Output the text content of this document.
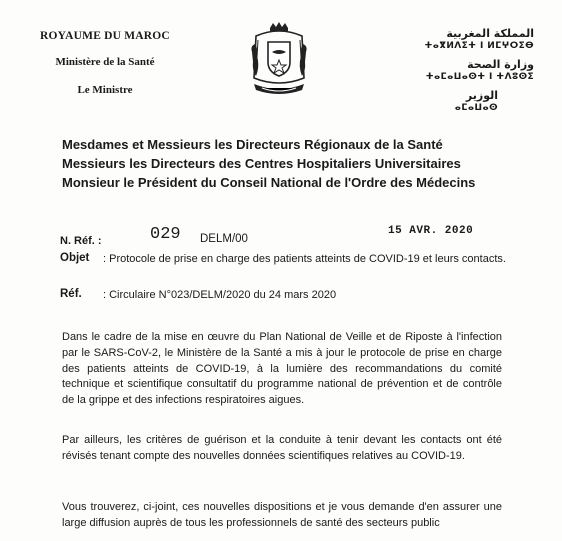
ROYAUME DU MAROC
Ministère de la Santé
Le Ministre
المملكة المغربية
ⵜⴰⴳⵍⴷⵉⵜ ⵏ ⵍⵎⵖⵔⵉⴱ
وزارة الصحة
ⵜⴰⵎⴰⵡⴰⵙⵜ ⵏ ⵜⴷⵓⵙⵉ
الوزير
ⴰⵎⴰⵡⴰⵙ
Mesdames et Messieurs les Directeurs Régionaux de la Santé
Messieurs les Directeurs des Centres Hospitaliers Universitaires
Monsieur le Président du Conseil National de l'Ordre des Médecins
N. Réf. :	029 DELM/00
15 AVR. 2020
Objet : Protocole de prise en charge des patients atteints de COVID-19 et leurs contacts.
Réf. : Circulaire N°023/DELM/2020 du 24 mars 2020
Dans le cadre de la mise en œuvre du Plan National de Veille et de Riposte à l'infection par le SARS-CoV-2, le Ministère de la Santé a mis à jour le protocole de prise en charge des patients atteints de COVID-19, à la lumière des recommandations du comité technique et scientifique consultatif du programme national de prévention et de contrôle de la grippe et des infections respiratoires aigues.
Par ailleurs, les critères de guérison et la conduite à tenir devant les contacts ont été révisés tenant compte des nouvelles données scientifiques relatives au COVID-19.
Vous trouverez, ci-joint, ces nouvelles dispositions et je vous demande d'en assurer une large diffusion auprès de tous les professionnels de santé des secteurs public
